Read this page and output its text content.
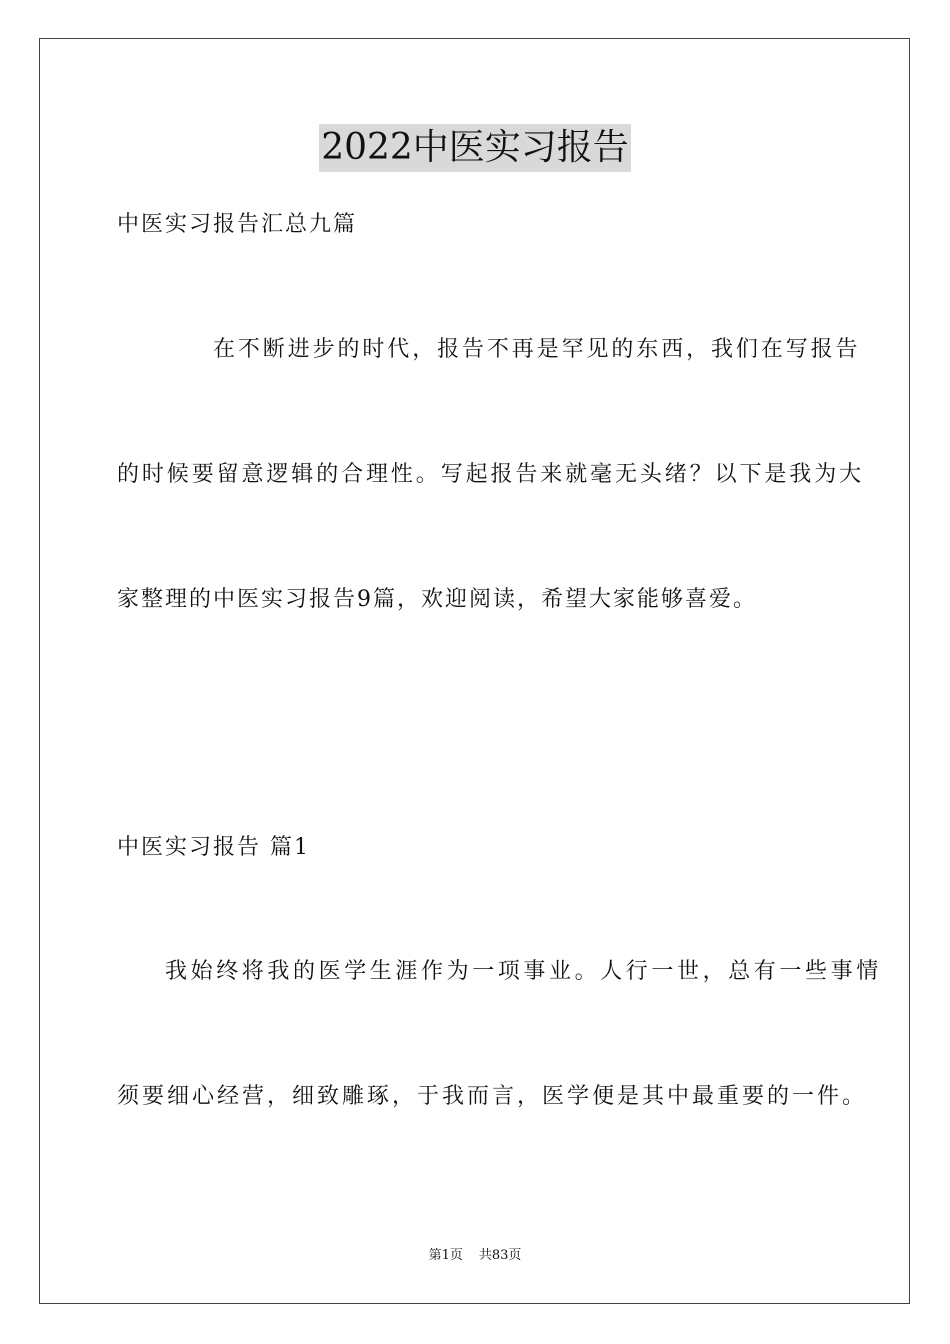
2022中医实习报告
中医实习报告汇总九篇
在不断进步的时代，报告不再是罕见的东西，我们在写报告
的时候要留意逻辑的合理性。写起报告来就毫无头绪？以下是我为大
家整理的中医实习报告9篇，欢迎阅读，希望大家能够喜爱。
中医实习报告 篇1
我始终将我的医学生涯作为一项事业。人行一世，总有一些事情
须要细心经营，细致雕琢，于我而言，医学便是其中最重要的一件。
第1页 共83页
